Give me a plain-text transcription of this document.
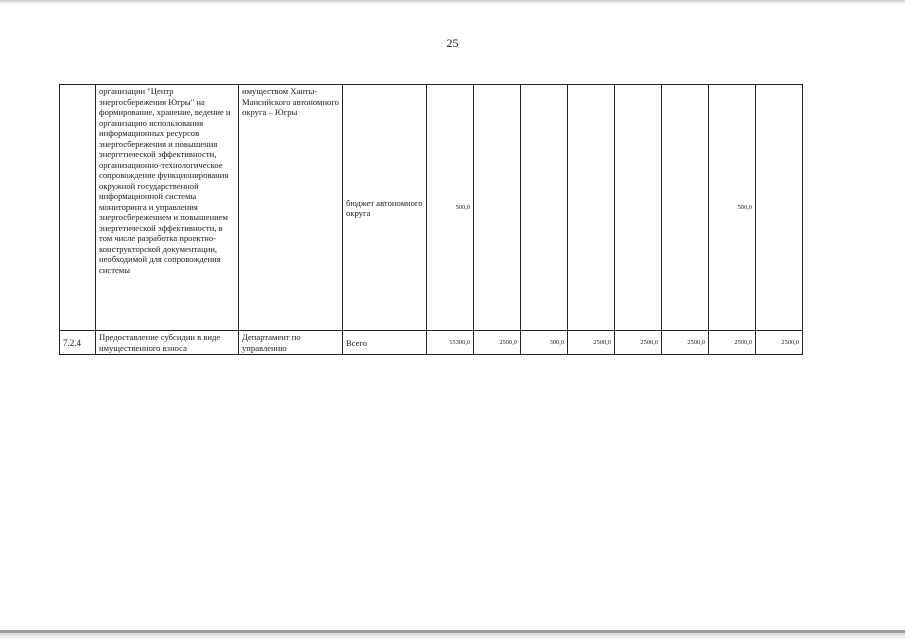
25
	организации "Центр энергосбережения Югры" на формирование, хранение, ведение и организацию использования информационных ресурсов энергосбережения и повышения энергетической эффективности, организационно-технологическое сопровождение функционирования окружной государственной информационной системы мониторинга и управления энергосбережением и повышением энергетической эффективности, в том числе разработка проектно-конструкторской документации, необходимой для сопровождения системы	имуществом Ханты-Мансийского автономного округа – Югры	бюджет автономного округа	500,0						500,0	
7.2.4	Предоставление субсидии в виде имущественного взноса	Департамент по управлению	Всего	15300,0	2500,0	300,0	2500,0	2500,0	2500,0	2500,0	2500,0
